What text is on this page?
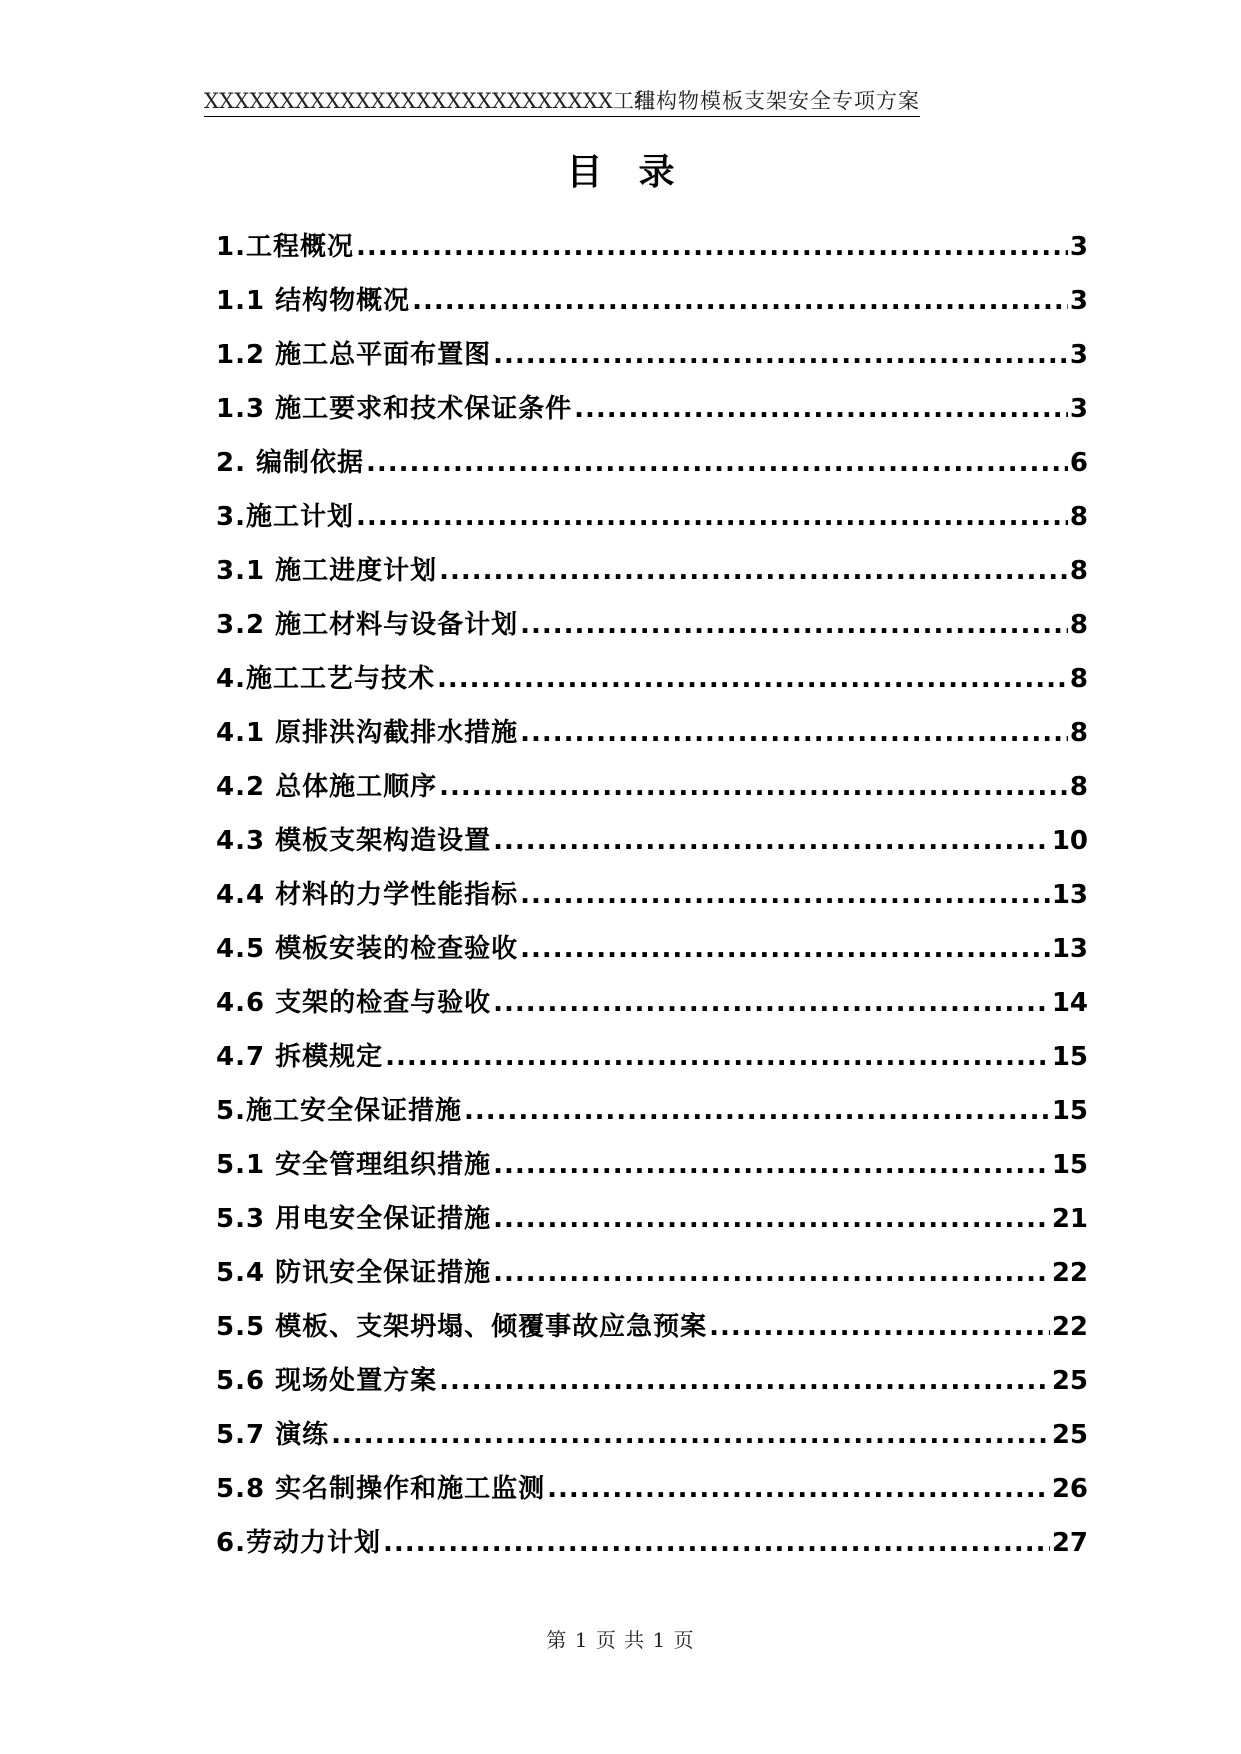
XXXXXXXXXXXXXXXXXXXXXXXXXXX工程
结构物模板支架安全专项方案
目录
1.工程概况 .....	3
1.1 结构物概况 .....	3
1.2 施工总平面布置图 .....	3
1.3 施工要求和技术保证条件 .....	3
2. 编制依据 .....	6
3.施工计划 .....	8
3.1 施工进度计划 .....	8
3.2 施工材料与设备计划 .....	8
4.施工工艺与技术 .....	8
4.1 原排洪沟截排水措施 .....	8
4.2 总体施工顺序 .....	8
4.3 模板支架构造设置 .....	10
4.4 材料的力学性能指标 .....	13
4.5 模板安装的检查验收 .....	13
4.6 支架的检查与验收 .....	14
4.7 拆模规定 .....	15
5.施工安全保证措施 .....	15
5.1 安全管理组织措施 .....	15
5.3 用电安全保证措施 .....	21
5.4 防讯安全保证措施 .....	22
5.5 模板、支架坍塌、倾覆事故应急预案 .....	22
5.6 现场处置方案 .....	25
5.7 演练 .....	25
5.8 实名制操作和施工监测 .....	26
6.劳动力计划 .....	27
第 1 页 共 1 页
